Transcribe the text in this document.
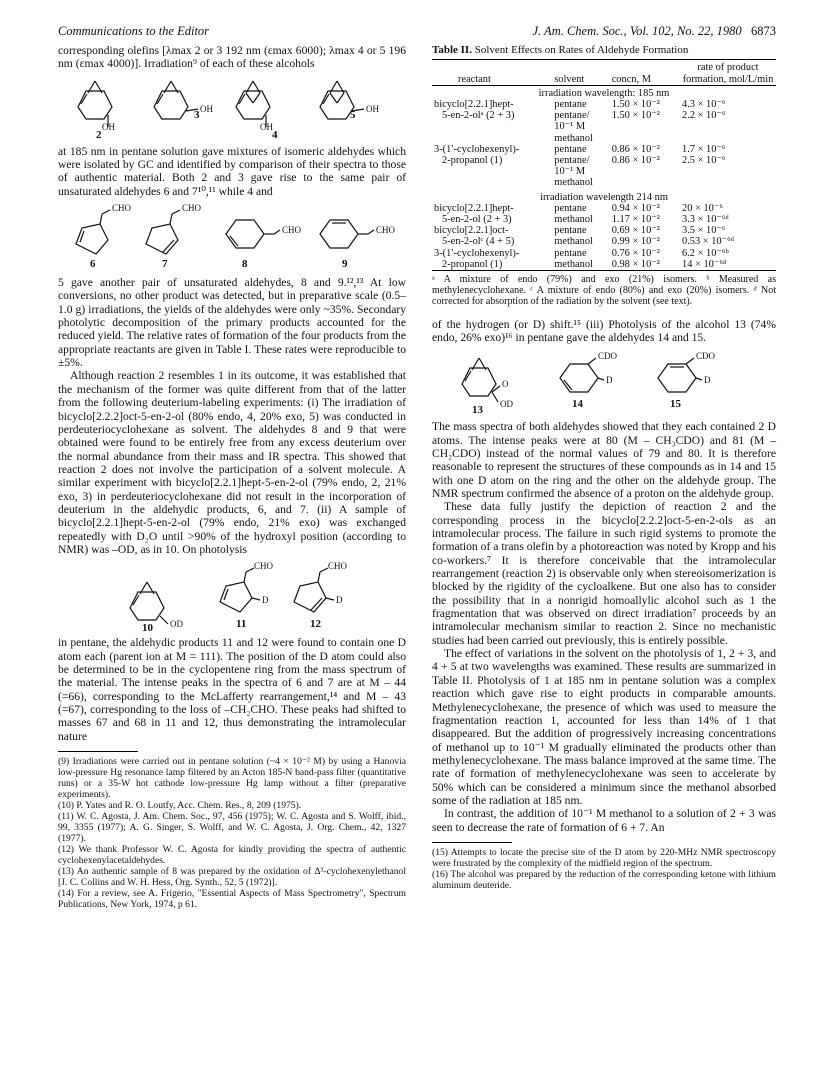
Communications to the Editor	J. Am. Chem. Soc., Vol. 102, No. 22, 1980 6873

corresponding olefins [λmax 2 or 3 192 nm (εmax 6000); λmax 4 or 5 196 nm (εmax 4000)]. Irradiation⁹ of each of these alcohols

OH
OH
OH
OH
2
3
4
5

at 185 nm in pentane solution gave mixtures of isomeric aldehydes which were isolated by GC and identified by comparison of their spectra to those of authentic material. Both 2 and 3 gave rise to the same pair of unsaturated aldehydes 6 and 7¹⁰,¹¹ while 4 and

CHO	CHO
CHO	CHO
6	7	8	9

5 gave another pair of unsaturated aldehydes, 8 and 9.¹²,¹³ At low conversions, no other product was detected, but in preparative scale (0.5–1.0 g) irradiations, the yields of the aldehydes were only ~35%. Secondary photolytic decomposition of the primary products accounted for the reduced yield. The relative rates of formation of the four products from the appropriate reactants are given in Table I. These rates were reproducible to ±5%.

Although reaction 2 resembles 1 in its outcome, it was established that the mechanism of the former was quite different from that of the latter from the following deuterium-labeling experiments: (i) The irradiation of bicyclo[2.2.2]oct-5-en-2-ol (80% endo, 4, 20% exo, 5) was conducted in perdeuteriocyclohexane as solvent. The aldehydes 8 and 9 that were obtained were found to be entirely free from any excess deuterium over the normal abundance from their mass and IR spectra. This showed that reaction 2 does not involve the participation of a solvent molecule. A similar experiment with bicyclo[2.2.1]hept-5-en-2-ol (79% endo, 2, 21% exo, 3) in perdeuteriocyclohexane did not result in the incorporation of deuterium in the aldehydic products, 6, and 7. (ii) A sample of bicyclo[2.2.1]hept-5-en-2-ol (79% endo, 21% exo) was exchanged repeatedly with D₂O until >90% of the hydroxyl position (according to NMR) was –OD, as in 10. On photolysis

OD
CHO	CHO
D	D
10	11	12

in pentane, the aldehydic products 11 and 12 were found to contain one D atom each (parent ion at M = 111). The position of the D atom could also be determined to be in the cyclopentene ring from the mass spectrum of the material. The intense peaks in the spectra of 6 and 7 are at M – 44 (=66), corresponding to the McLafferty rearrangement,¹⁴ and M – 43 (=67), corresponding to the loss of –CH₂CHO. These peaks had shifted to masses 67 and 68 in 11 and 12, thus demonstrating the intramolecular nature

(9) Irradiations were carried out in pentane solution (~4 × 10⁻² M) by using a Hanovia low-pressure Hg resonance lamp filtered by an Acton 185-N band-pass filter (quantitative runs) or a 35-W hot cathode low-pressure Hg lamp without a filter (preparative experiments).

(10) P. Yates and R. O. Loutfy, Acc. Chem. Res., 8, 209 (1975).

(11) W. C. Agosta, J. Am. Chem. Soc., 97, 456 (1975); W. C. Agosta and S. Wolff, ibid., 99, 3355 (1977); A. G. Singer, S. Wolff, and W. C. Agosta, J. Org. Chem., 42, 1327 (1977).

(12) We thank Professor W. C. Agosta for kindly providing the spectra of authentic cyclohexenylacetaldehydes.

(13) An authentic sample of 8 was prepared by the oxidation of Δ³-cyclohexenylethanol [J. C. Collins and W. H. Hess, Org. Synth., 52, 5 (1972)].

(14) For a review, see A. Frigerio, "Essential Aspects of Mass Spectrometry", Spectrum Publications, New York, 1974, p 61.

Table II. Solvent Effects on Rates of Aldehyde Formation

reactant	solvent	concn, M	rate of product formation, mol/L/min

irradiation wavelength: 185 nm			
bicyclo[2.2.1]hept-	pentane	1.50 × 10⁻²	4.3 × 10⁻⁶
5-en-2-olᵃ (2 + 3)	pentane/	1.50 × 10⁻²	2.2 × 10⁻⁶
	10⁻¹ M		
	methanol		
3-(1′-cyclohexenyl)-	pentane	0.86 × 10⁻²	1.7 × 10⁻⁶
2-propanol (1)	pentane/	0.86 × 10⁻²	2.5 × 10⁻⁶
	10⁻¹ M		
	methanol		
irradiation wavelength 214 nm			
bicyclo[2.2.1]hept-	pentane	0.94 × 10⁻²	20 × 10⁻⁶
5-en-2-ol (2 + 3)	methanol	1.17 × 10⁻²	3.3 × 10⁻⁶ᵈ
bicyclo[2.2.1]oct-	pentane	0.69 × 10⁻²	3.5 × 10⁻⁶
5-en-2-olᶜ (4 + 5)	methanol	0.99 × 10⁻²	0.53 × 10⁻⁶ᵈ
3-(1′-cyclohexenyl)-	pentane	0.76 × 10⁻²	6.2 × 10⁻⁶ᵇ
2-propanol (1)	methanol	0.98 × 10⁻²	14 × 10⁻⁶ᵈ

ᵃ A mixture of endo (79%) and exo (21%) isomers. ᵇ Measured as methylenecyclohexane. ᶜ A mixture of endo (80%) and exo (20%) isomers. ᵈ Not corrected for absorption of the radiation by the solvent (see text).

of the hydrogen (or D) shift.¹⁵ (iii) Photolysis of the alcohol 13 (74% endo, 26% exo)¹⁶ in pentane gave the aldehydes 14 and 15.

O
OD
CDO	CDO
D	D
13	14	15

The mass spectra of both aldehydes showed that they each contained 2 D atoms. The intense peaks were at 80 (M – CH₃CDO) and 81 (M – CH₂CDO) instead of the normal values of 79 and 80. It is therefore reasonable to represent the structures of these compounds as in 14 and 15 with one D atom on the ring and the other on the aldehyde group. The NMR spectrum confirmed the absence of a proton on the aldehyde group.

These data fully justify the depiction of reaction 2 and the corresponding process in the bicyclo[2.2.2]oct-5-en-2-ols as an intramolecular process. The failure in such rigid systems to promote the formation of a trans olefin by a photoreaction was noted by Kropp and his co-workers.⁷ It is therefore conceivable that the intramolecular rearrangement (reaction 2) is observable only when stereoisomerization is blocked by the rigidity of the cycloalkene. But one also has to consider the possibility that in a nonrigid homoallylic alcohol such as 1 the fragmentation that was observed on direct irradiation⁷ proceeds by an intramolecular mechanism similar to reaction 2. Since no mechanistic studies had been carried out previously, this is entirely possible.

The effect of variations in the solvent on the photolysis of 1, 2 + 3, and 4 + 5 at two wavelengths was examined. These results are summarized in Table II. Photolysis of 1 at 185 nm in pentane solution was a complex reaction which gave rise to eight products in comparable amounts. Methylenecyclohexane, the presence of which was used to measure the fragmentation reaction 1, accounted for less than 14% of 1 that disappeared. But the addition of progressively increasing concentrations of methanol up to 10⁻¹ M gradually eliminated the products other than methylenecyclohexane. The mass balance improved at the same time. The rate of formation of methylenecyclohexane was seen to accelerate by 50% which can be considered a minimum since the methanol absorbed some of the radiation at 185 nm.

In contrast, the addition of 10⁻¹ M methanol to a solution of 2 + 3 was seen to decrease the rate of formation of 6 + 7. An

(15) Attempts to locate the precise site of the D atom by 220-MHz NMR spectroscopy were frustrated by the complexity of the midfield region of the spectrum.

(16) The alcohol was prepared by the reduction of the corresponding ketone with lithium aluminum deuteride.
